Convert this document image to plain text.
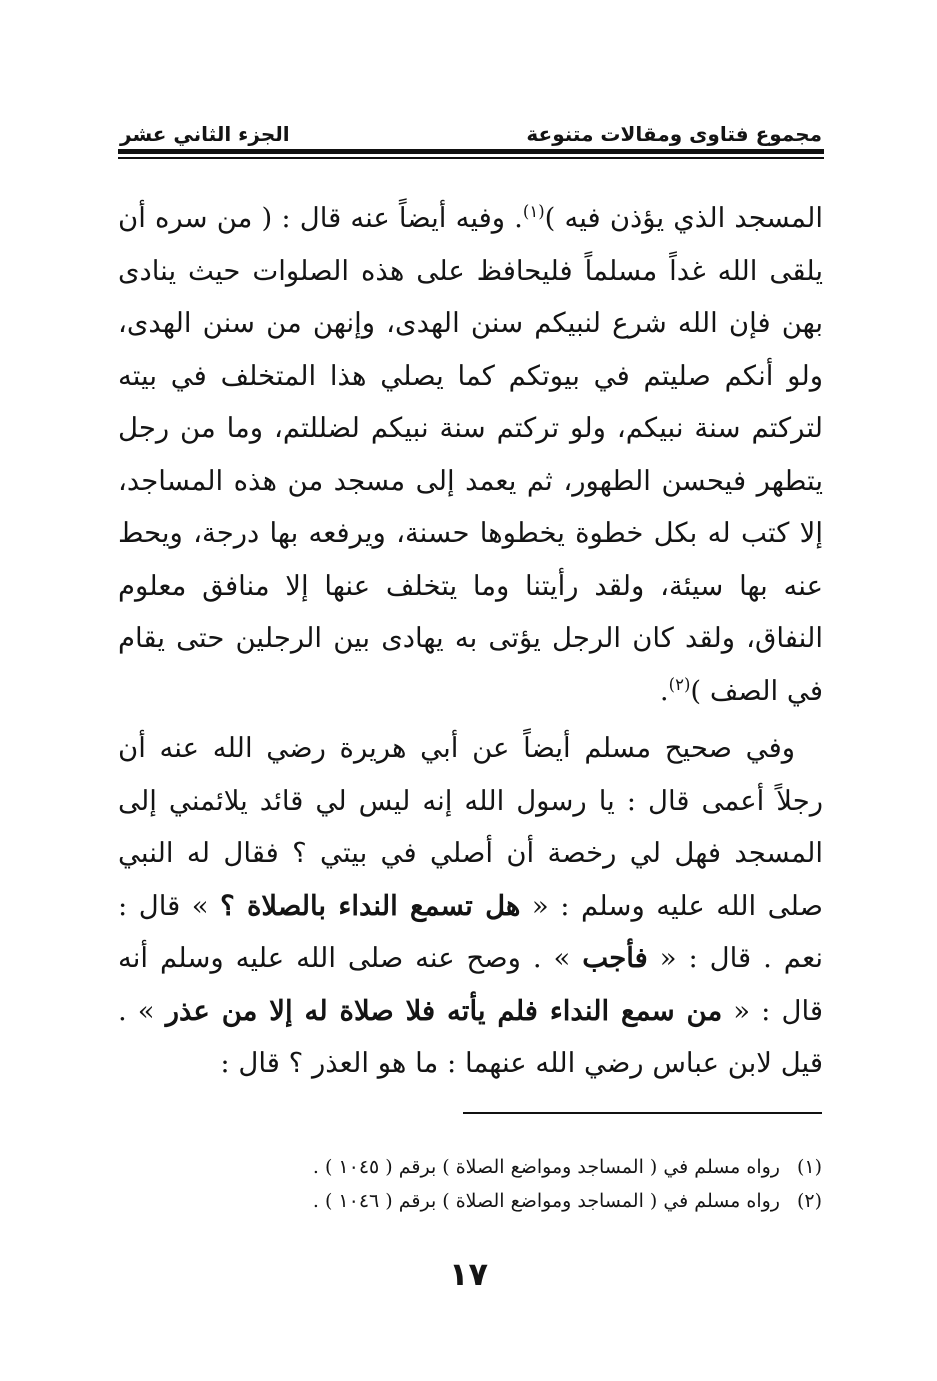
الجزء الثاني عشر	مجموع فتاوى ومقالات متنوعة

المسجد الذي يؤذن فيه )$^{(١)}$. وفيه أيضاً عنه قال : ( من سره أن يلقى الله غداً مسلماً فليحافظ على هذه الصلوات حيث ينادى بهن فإن الله شرع لنبيكم سنن الهدى، وإنهن من سنن الهدى، ولو أنكم صليتم في بيوتكم كما يصلي هذا المتخلف في بيته لتركتم سنة نبيكم، ولو تركتم سنة نبيكم لضللتم، وما من رجل يتطهر فيحسن الطهور، ثم يعمد إلى مسجد من هذه المساجد، إلا كتب له بكل خطوة يخطوها حسنة، ويرفعه بها درجة، ويحط عنه بها سيئة، ولقد رأيتنا وما يتخلف عنها إلا منافق معلوم النفاق، ولقد كان الرجل يؤتى به يهادى بين الرجلين حتى يقام في الصف )$^{(٢)}$.

وفي صحيح مسلم أيضاً عن أبي هريرة رضي الله عنه أن رجلاً أعمى قال : يا رسول الله إنه ليس لي قائد يلائمني إلى المسجد فهل لي رخصة أن أصلي في بيتي ؟ فقال له النبي صلى الله عليه وسلم : « هل تسمع النداء بالصلاة ؟ » قال : نعم . قال : « فأجب » . وصح عنه صلى الله عليه وسلم أنه قال : « من سمع النداء فلم يأته فلا صلاة له إلا من عذر » . قيل لابن عباس رضي الله عنهما : ما هو العذر ؟ قال :

(١)رواه مسلم في ( المساجد ومواضع الصلاة ) برقم ( ١٠٤٥ ) .
(٢)رواه مسلم في ( المساجد ومواضع الصلاة ) برقم ( ١٠٤٦ ) .
١٧
